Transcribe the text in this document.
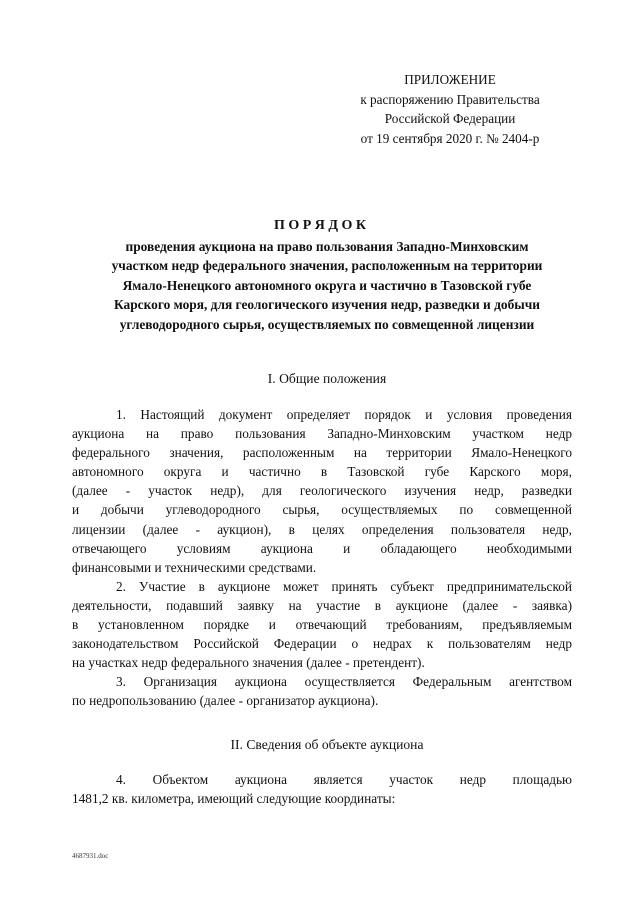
ПРИЛОЖЕНИЕ
к распоряжению Правительства
Российской Федерации
от 19 сентября 2020 г. № 2404-р
П О Р Я Д О К
проведения аукциона на право пользования Западно-Минховским
участком недр федерального значения, расположенным на территории
Ямало-Ненецкого автономного округа и частично в Тазовской губе
Карского моря, для геологического изучения недр, разведки и добычи
углеводородного сырья, осуществляемых по совмещенной лицензии
I. Общие положения
1. Настоящий документ определяет порядок и условия проведения
аукциона на право пользования Западно-Минховским участком недр
федерального значения, расположенным на территории Ямало-Ненецкого
автономного округа и частично в Тазовской губе Карского моря,
(далее - участок недр), для геологического изучения недр, разведки
и добычи углеводородного сырья, осуществляемых по совмещенной
лицензии (далее - аукцион), в целях определения пользователя недр,
отвечающего условиям аукциона и обладающего необходимыми
финансовыми и техническими средствами.
2. Участие в аукционе может принять субъект предпринимательской
деятельности, подавший заявку на участие в аукционе (далее - заявка)
в установленном порядке и отвечающий требованиям, предъявляемым
законодательством Российской Федерации о недрах к пользователям недр
на участках недр федерального значения (далее - претендент).
3. Организация аукциона осуществляется Федеральным агентством
по недропользованию (далее - организатор аукциона).
II. Сведения об объекте аукциона
4. Объектом аукциона является участок недр площадью
1481,2 кв. километра, имеющий следующие координаты:
4687931.doc
